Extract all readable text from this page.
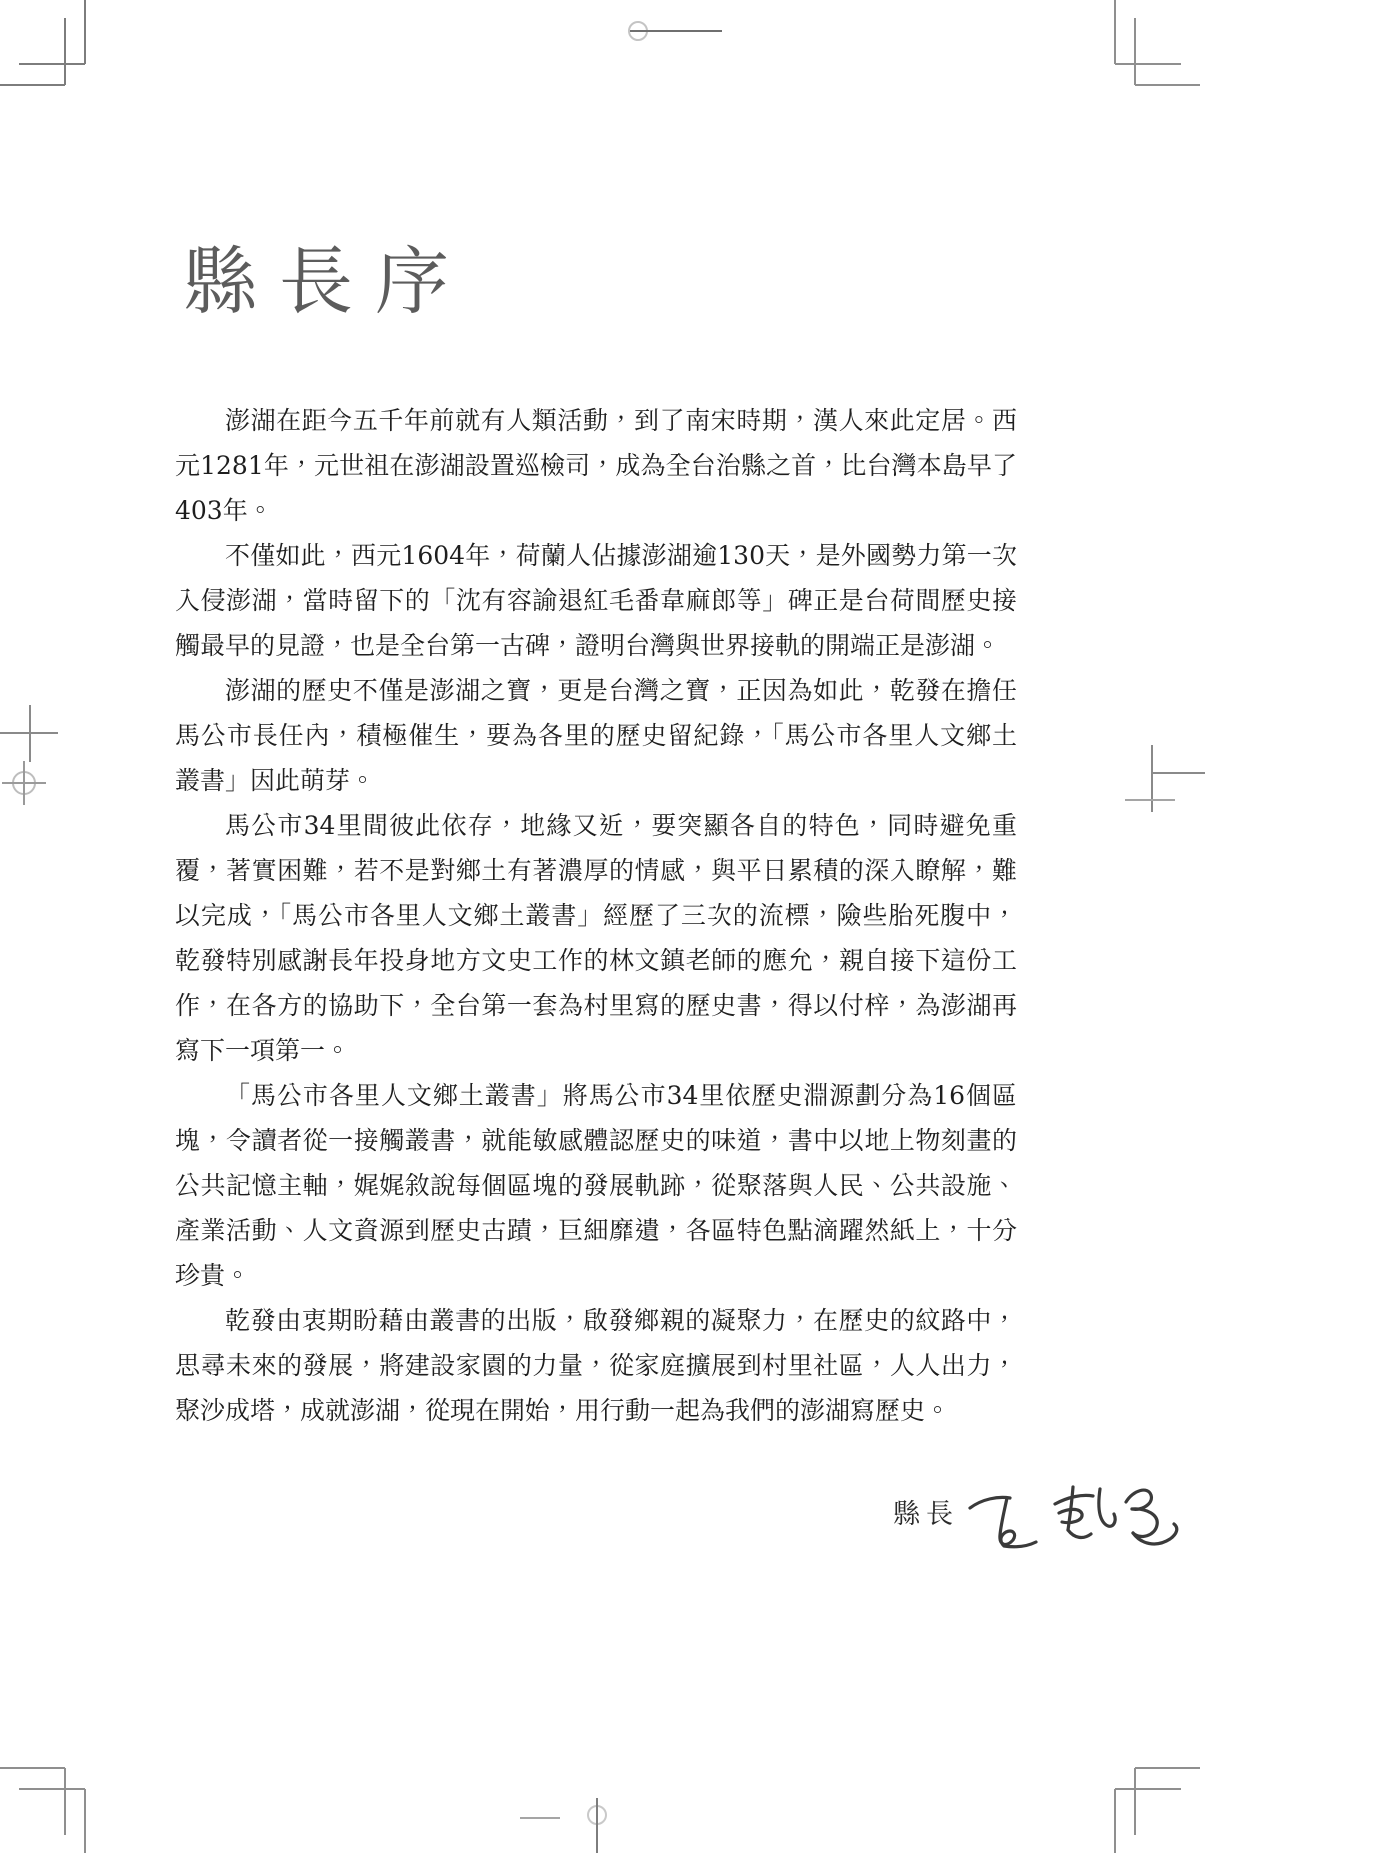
縣長序
澎湖在距今五千年前就有人類活動，到了南宋時期，漢人來此定居。西
元1281年，元世祖在澎湖設置巡檢司，成為全台治縣之首，比台灣本島早了
403年。
不僅如此，西元1604年，荷蘭人佔據澎湖逾130天，是外國勢力第一次
入侵澎湖，當時留下的「沈有容諭退紅毛番韋麻郎等」碑正是台荷間歷史接
觸最早的見證，也是全台第一古碑，證明台灣與世界接軌的開端正是澎湖。
澎湖的歷史不僅是澎湖之寶，更是台灣之寶，正因為如此，乾發在擔任
馬公市長任內，積極催生，要為各里的歷史留紀錄，「馬公市各里人文鄉土
叢書」因此萌芽。
馬公市34里間彼此依存，地緣又近，要突顯各自的特色，同時避免重
覆，著實困難，若不是對鄉土有著濃厚的情感，與平日累積的深入瞭解，難
以完成，「馬公市各里人文鄉土叢書」經歷了三次的流標，險些胎死腹中，
乾發特別感謝長年投身地方文史工作的林文鎮老師的應允，親自接下這份工
作，在各方的協助下，全台第一套為村里寫的歷史書，得以付梓，為澎湖再
寫下一項第一。
「馬公市各里人文鄉土叢書」將馬公市34里依歷史淵源劃分為16個區
塊，令讀者從一接觸叢書，就能敏感體認歷史的味道，書中以地上物刻畫的
公共記憶主軸，娓娓敘說每個區塊的發展軌跡，從聚落與人民、公共設施、
產業活動、人文資源到歷史古蹟，巨細靡遺，各區特色點滴躍然紙上，十分
珍貴。
乾發由衷期盼藉由叢書的出版，啟發鄉親的凝聚力，在歷史的紋路中，
思尋未來的發展，將建設家園的力量，從家庭擴展到村里社區，人人出力，
聚沙成塔，成就澎湖，從現在開始，用行動一起為我們的澎湖寫歷史。
縣長
